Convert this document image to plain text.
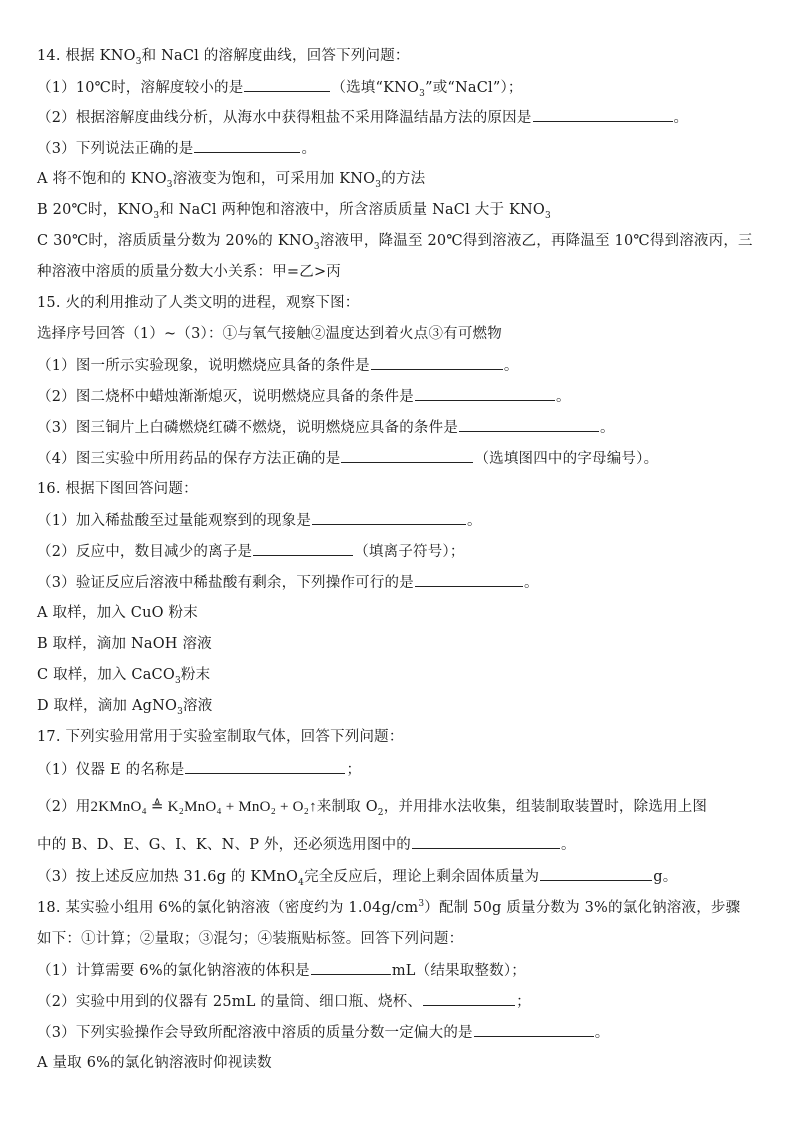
14. 根据 $KNO_3$和 NaCl 的溶解度曲线，回答下列问题：
（1）10℃时，溶解度较小的是	（选填“$KNO_3$”或“NaCl”）；
（2）根据溶解度曲线分析，从海水中获得粗盐不采用降温结晶方法的原因是	。
（3）下列说法正确的是	。
A 将不饱和的 $KNO_3$溶液变为饱和，可采用加 $KNO_3$的方法
B 20℃时，$KNO_3$和 NaCl 两种饱和溶液中，所含溶质质量 NaCl 大于 $KNO_3$
C 30℃时，溶质质量分数为 20%的 $KNO_3$溶液甲，降温至 20℃得到溶液乙，再降温至 10℃得到溶液丙，三
种溶液中溶质的质量分数大小关系：甲=乙>丙
15. 火的利用推动了人类文明的进程，观察下图：
选择序号回答（1）~（3）：①与氧气接触②温度达到着火点③有可燃物
（1）图一所示实验现象，说明燃烧应具备的条件是	。
（2）图二烧杯中蜡烛渐渐熄灭，说明燃烧应具备的条件是	。
（3）图三铜片上白磷燃烧红磷不燃烧，说明燃烧应具备的条件是	。
（4）图三实验中所用药品的保存方法正确的是	（选填图四中的字母编号）。
16. 根据下图回答问题：
（1）加入稀盐酸至过量能观察到的现象是	。
（2）反应中，数目减少的离子是	（填离子符号）；
（3）验证反应后溶液中稀盐酸有剩余，下列操作可行的是	。
A 取样，加入 CuO 粉末
B 取样，滴加 NaOH 溶液
C 取样，加入 CaCO$_3$粉末
D 取样，滴加 AgNO$_3$溶液
17. 下列实验用常用于实验室制取气体，回答下列问题：
（1）仪器 E 的名称是	；
（2）用2KMnO₄ ≜ K₂MnO₄ + MnO₂ + O₂↑来制取 $O_2$，并用排水法收集，组装制取装置时，除选用上图
中的 B、D、E、G、I、K、N、P 外，还必须选用图中的	。
（3）按上述反应加热 31.6g 的 KMnO$_4$完全反应后，理论上剩余固体质量为	g。
18. 某实验小组用 6%的氯化钠溶液（密度约为 $1.04g/cm^3$）配制 50g 质量分数为 3%的氯化钠溶液，步骤
如下：①计算；②量取；③混匀；④装瓶贴标签。回答下列问题：
（1）计算需要 6%的氯化钠溶液的体积是	mL（结果取整数）；
（2）实验中用到的仪器有 25mL 的量筒、细口瓶、烧杯、	；
（3）下列实验操作会导致所配溶液中溶质的质量分数一定偏大的是	。
A 量取 6%的氯化钠溶液时仰视读数
